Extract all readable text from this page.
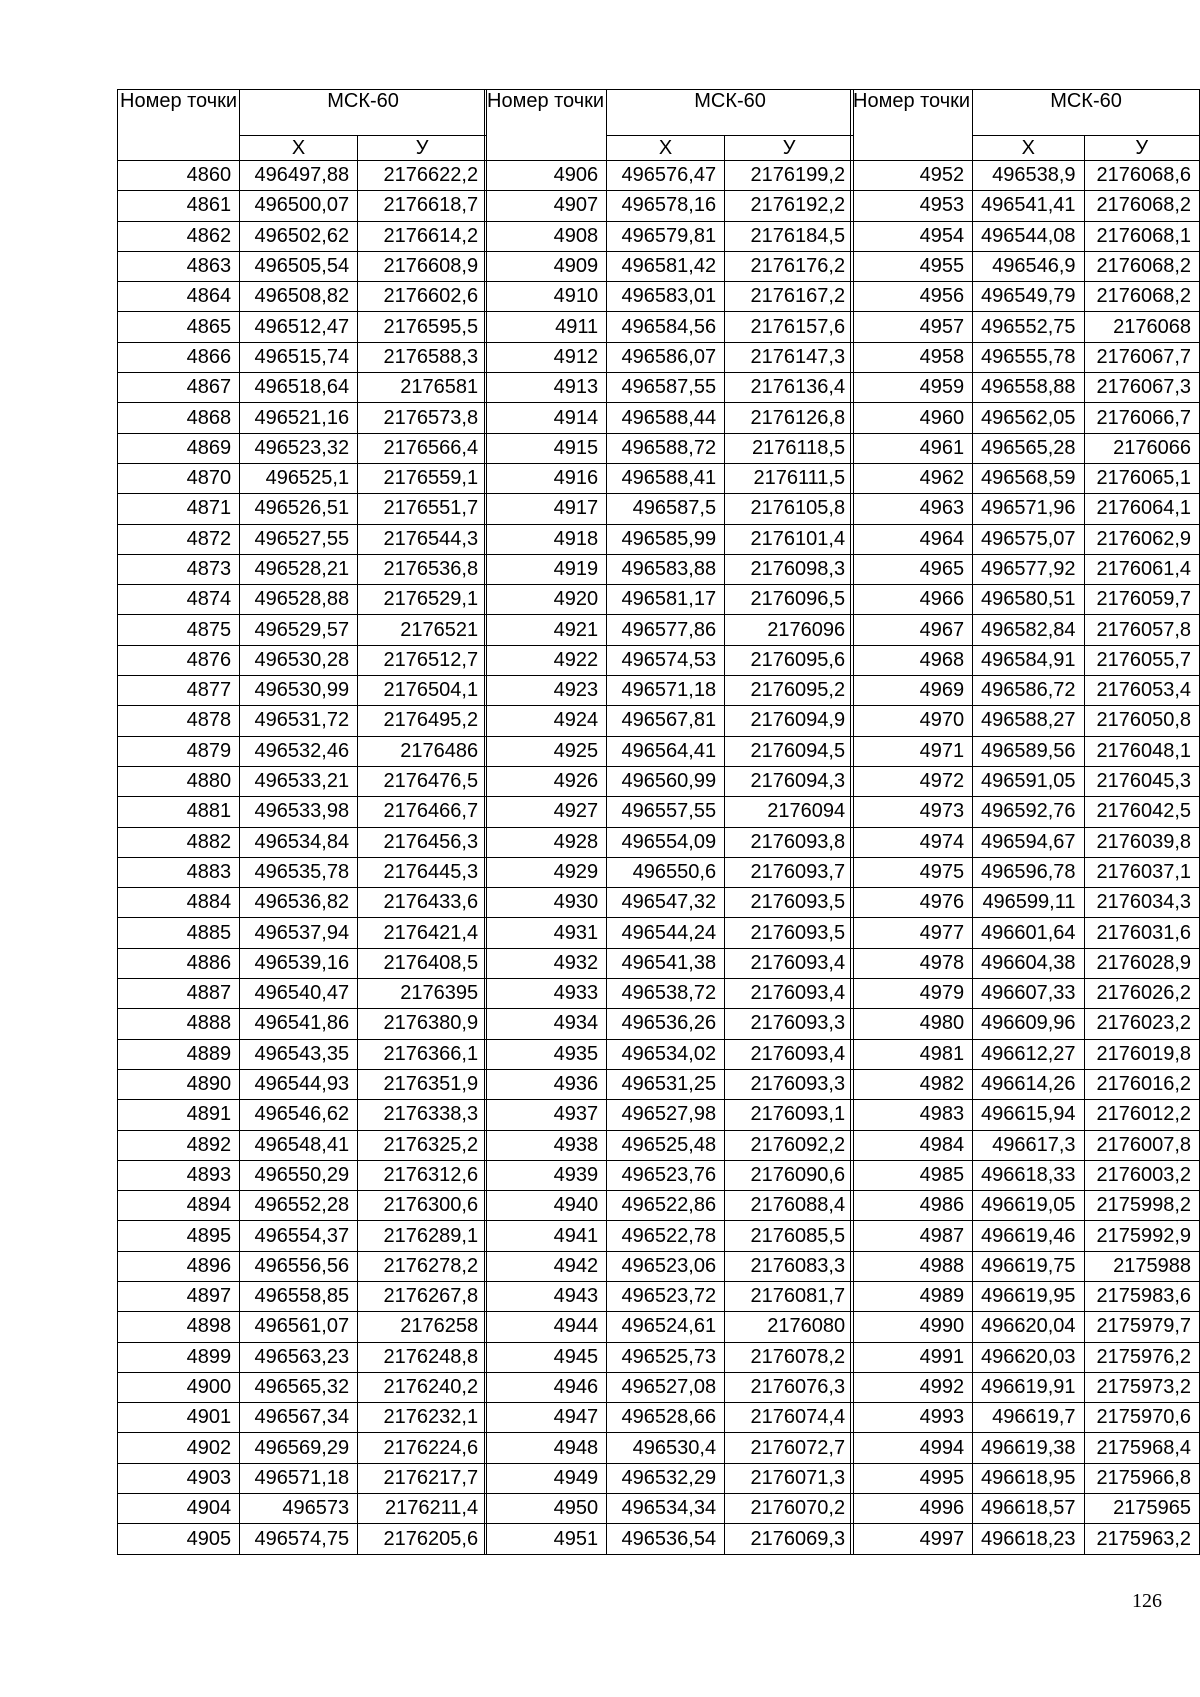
Номер точки	МСК-60	
	Х	У
4860	496497,88	2176622,2
4861	496500,07	2176618,7
4862	496502,62	2176614,2
4863	496505,54	2176608,9
4864	496508,82	2176602,6
4865	496512,47	2176595,5
4866	496515,74	2176588,3
4867	496518,64	2176581
4868	496521,16	2176573,8
4869	496523,32	2176566,4
4870	496525,1	2176559,1
4871	496526,51	2176551,7
4872	496527,55	2176544,3
4873	496528,21	2176536,8
4874	496528,88	2176529,1
4875	496529,57	2176521
4876	496530,28	2176512,7
4877	496530,99	2176504,1
4878	496531,72	2176495,2
4879	496532,46	2176486
4880	496533,21	2176476,5
4881	496533,98	2176466,7
4882	496534,84	2176456,3
4883	496535,78	2176445,3
4884	496536,82	2176433,6
4885	496537,94	2176421,4
4886	496539,16	2176408,5
4887	496540,47	2176395
4888	496541,86	2176380,9
4889	496543,35	2176366,1
4890	496544,93	2176351,9
4891	496546,62	2176338,3
4892	496548,41	2176325,2
4893	496550,29	2176312,6
4894	496552,28	2176300,6
4895	496554,37	2176289,1
4896	496556,56	2176278,2
4897	496558,85	2176267,8
4898	496561,07	2176258
4899	496563,23	2176248,8
4900	496565,32	2176240,2
4901	496567,34	2176232,1
4902	496569,29	2176224,6
4903	496571,18	2176217,7
4904	496573	2176211,4
4905	496574,75	2176205,6
Номер точки	МСК-60	
	Х	У
4906	496576,47	2176199,2
4907	496578,16	2176192,2
4908	496579,81	2176184,5
4909	496581,42	2176176,2
4910	496583,01	2176167,2
4911	496584,56	2176157,6
4912	496586,07	2176147,3
4913	496587,55	2176136,4
4914	496588,44	2176126,8
4915	496588,72	2176118,5
4916	496588,41	2176111,5
4917	496587,5	2176105,8
4918	496585,99	2176101,4
4919	496583,88	2176098,3
4920	496581,17	2176096,5
4921	496577,86	2176096
4922	496574,53	2176095,6
4923	496571,18	2176095,2
4924	496567,81	2176094,9
4925	496564,41	2176094,5
4926	496560,99	2176094,3
4927	496557,55	2176094
4928	496554,09	2176093,8
4929	496550,6	2176093,7
4930	496547,32	2176093,5
4931	496544,24	2176093,5
4932	496541,38	2176093,4
4933	496538,72	2176093,4
4934	496536,26	2176093,3
4935	496534,02	2176093,4
4936	496531,25	2176093,3
4937	496527,98	2176093,1
4938	496525,48	2176092,2
4939	496523,76	2176090,6
4940	496522,86	2176088,4
4941	496522,78	2176085,5
4942	496523,06	2176083,3
4943	496523,72	2176081,7
4944	496524,61	2176080
4945	496525,73	2176078,2
4946	496527,08	2176076,3
4947	496528,66	2176074,4
4948	496530,4	2176072,7
4949	496532,29	2176071,3
4950	496534,34	2176070,2
4951	496536,54	2176069,3
Номер точки	МСК-60	
	Х	У
4952	496538,9	2176068,6
4953	496541,41	2176068,2
4954	496544,08	2176068,1
4955	496546,9	2176068,2
4956	496549,79	2176068,2
4957	496552,75	2176068
4958	496555,78	2176067,7
4959	496558,88	2176067,3
4960	496562,05	2176066,7
4961	496565,28	2176066
4962	496568,59	2176065,1
4963	496571,96	2176064,1
4964	496575,07	2176062,9
4965	496577,92	2176061,4
4966	496580,51	2176059,7
4967	496582,84	2176057,8
4968	496584,91	2176055,7
4969	496586,72	2176053,4
4970	496588,27	2176050,8
4971	496589,56	2176048,1
4972	496591,05	2176045,3
4973	496592,76	2176042,5
4974	496594,67	2176039,8
4975	496596,78	2176037,1
4976	496599,11	2176034,3
4977	496601,64	2176031,6
4978	496604,38	2176028,9
4979	496607,33	2176026,2
4980	496609,96	2176023,2
4981	496612,27	2176019,8
4982	496614,26	2176016,2
4983	496615,94	2176012,2
4984	496617,3	2176007,8
4985	496618,33	2176003,2
4986	496619,05	2175998,2
4987	496619,46	2175992,9
4988	496619,75	2175988
4989	496619,95	2175983,6
4990	496620,04	2175979,7
4991	496620,03	2175976,2
4992	496619,91	2175973,2
4993	496619,7	2175970,6
4994	496619,38	2175968,4
4995	496618,95	2175966,8
4996	496618,57	2175965
4997	496618,23	2175963,2
126
